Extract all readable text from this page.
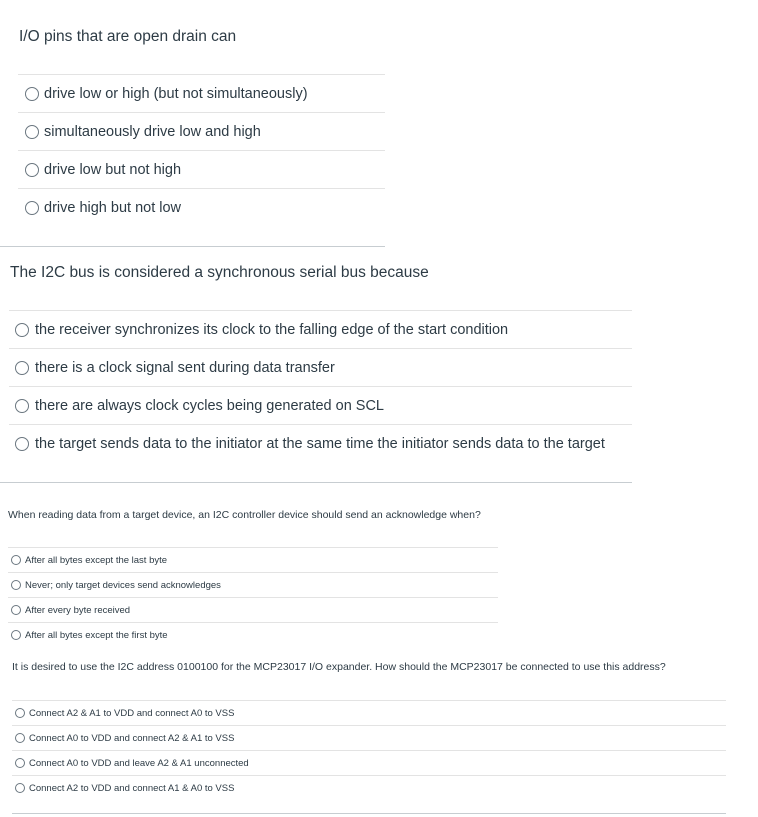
I/O pins that are open drain can
drive low or high (but not simultaneously)
simultaneously drive low and high
drive low but not high
drive high but not low
The I2C bus is considered a synchronous serial bus because
the receiver synchronizes its clock to the falling edge of the start condition
there is a clock signal sent during data transfer
there are always clock cycles being generated on SCL
the target sends data to the initiator at the same time the initiator sends data to the target
When reading data from a target device, an I2C controller device should send an acknowledge when?
After all bytes except the last byte
Never; only target devices send acknowledges
After every byte received
After all bytes except the first byte
It is desired to use the I2C address 0100100 for the MCP23017 I/O expander. How should the MCP23017 be connected to use this address?
Connect A2 & A1 to VDD and connect A0 to VSS
Connect A0 to VDD and connect A2 & A1 to VSS
Connect A0 to VDD and leave A2 & A1 unconnected
Connect A2 to VDD and connect A1 & A0 to VSS
